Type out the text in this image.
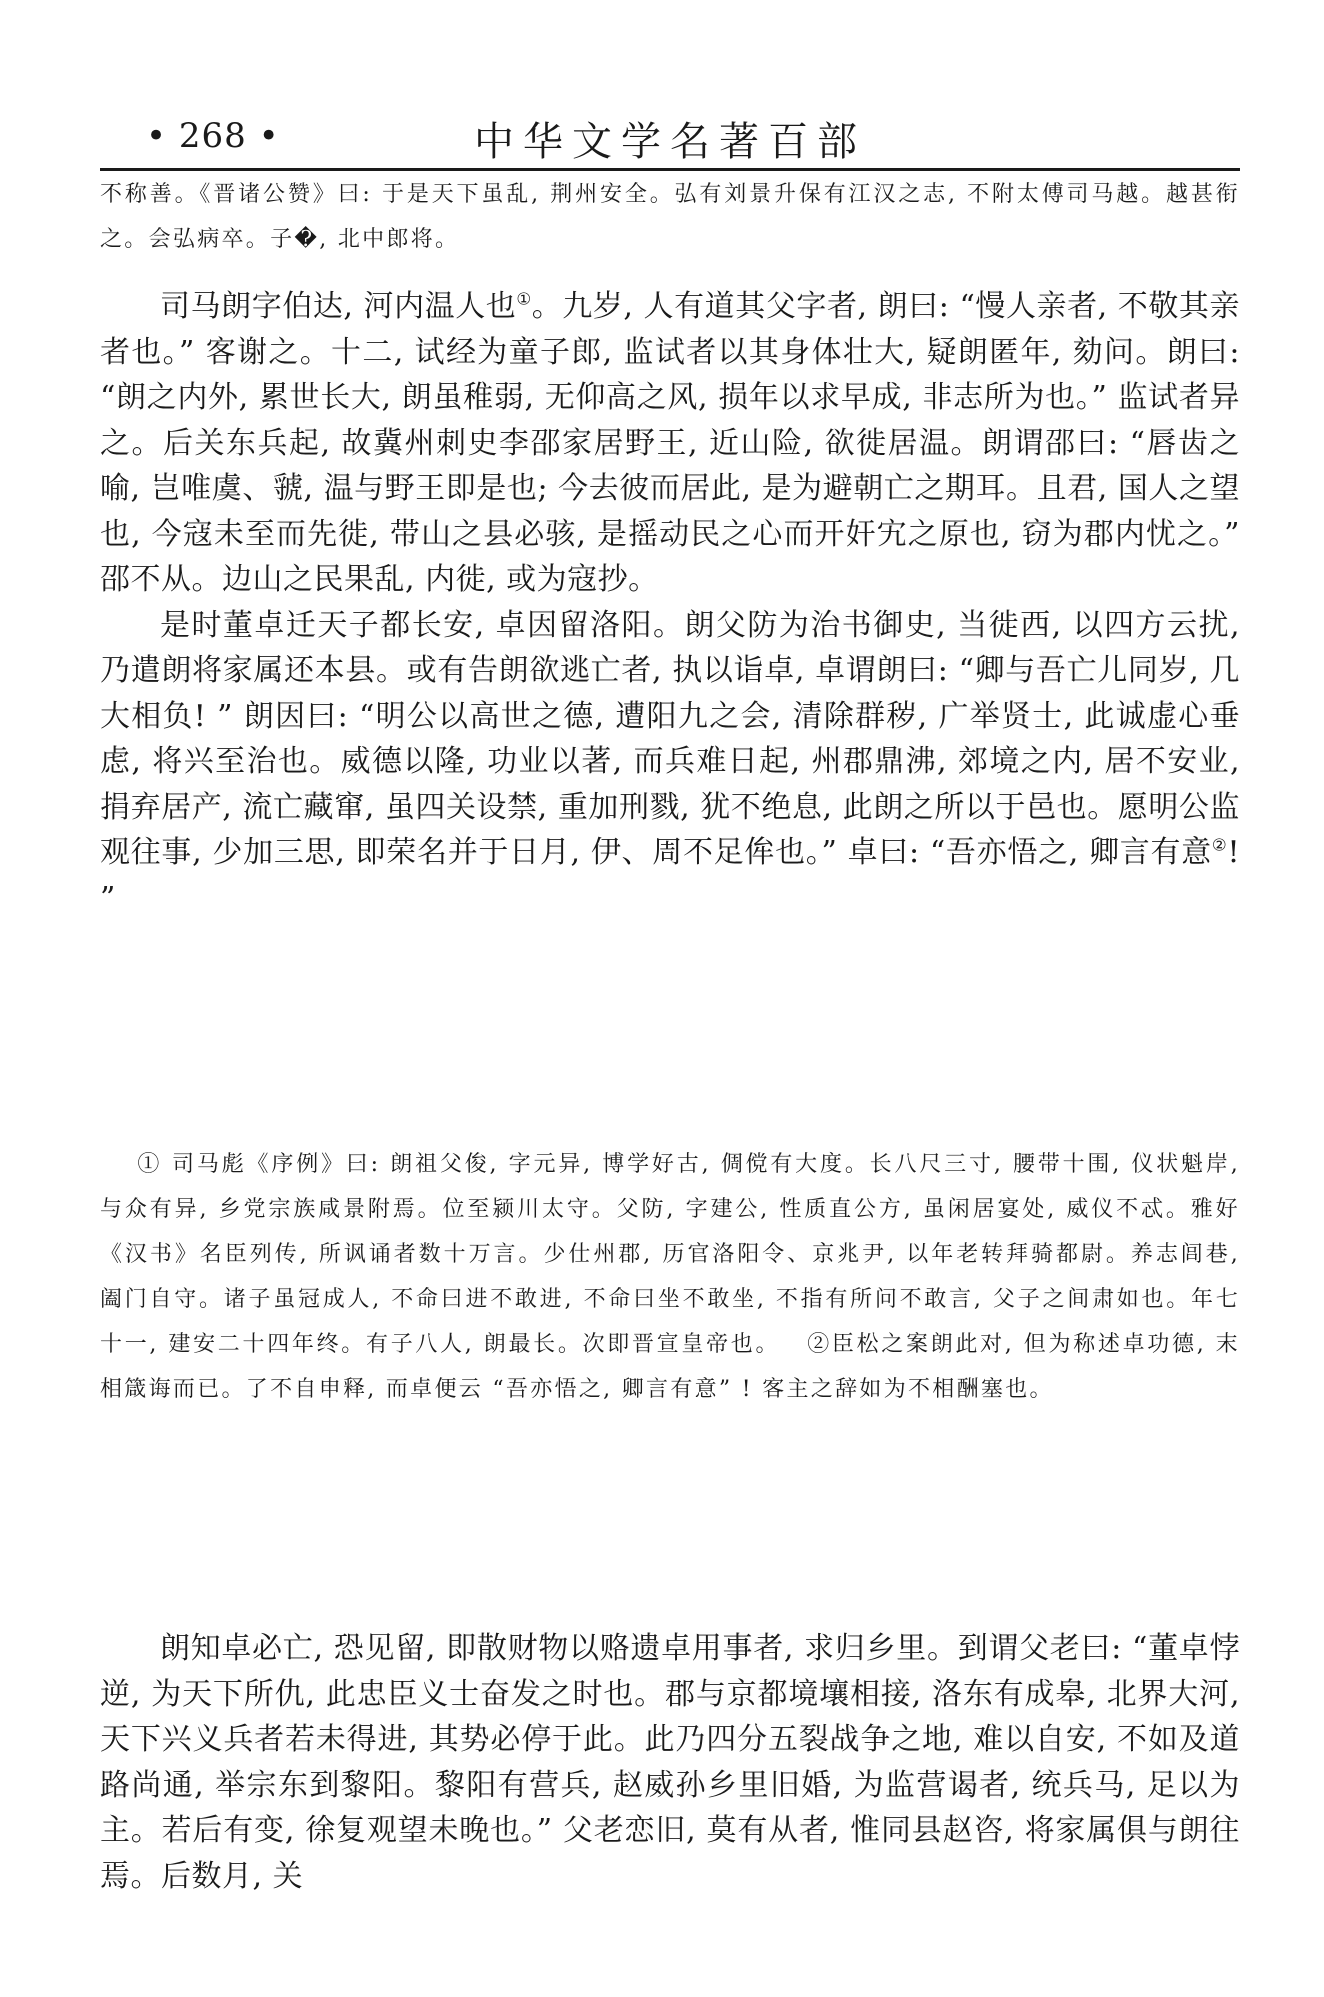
中华文学名著百部
• 268 •

不称善。《晋诸公赞》曰: 于是天下虽乱, 荆州安全。弘有刘景升保有江汉之志, 不附太傅司马越。越甚衔之。会弘病卒。子�, 北中郎将。

司马朗字伯达, 河内温人也①。九岁, 人有道其父字者, 朗曰: “慢人亲者, 不敬其亲者也。” 客谢之。十二, 试经为童子郎, 监试者以其身体壮大, 疑朗匿年, 劾问。朗曰: “朗之内外, 累世长大, 朗虽稚弱, 无仰高之风, 损年以求早成, 非志所为也。” 监试者异之。后关东兵起, 故冀州刺史李邵家居野王, 近山险, 欲徙居温。朗谓邵曰: “唇齿之喻, 岂唯虞、虢, 温与野王即是也; 今去彼而居此, 是为避朝亡之期耳。且君, 国人之望也, 今寇未至而先徙, 带山之县必骇, 是摇动民之心而开奸宄之原也, 窃为郡内忧之。” 邵不从。边山之民果乱, 内徙, 或为寇抄。

是时董卓迁天子都长安, 卓因留洛阳。朗父防为治书御史, 当徙西, 以四方云扰, 乃遣朗将家属还本县。或有告朗欲逃亡者, 执以诣卓, 卓谓朗曰: “卿与吾亡儿同岁, 几大相负! ” 朗因曰: “明公以高世之德, 遭阳九之会, 清除群秽, 广举贤士, 此诚虚心垂虑, 将兴至治也。威德以隆, 功业以著, 而兵难日起, 州郡鼎沸, 郊境之内, 居不安业, 捐弃居产, 流亡藏窜, 虽四关设禁, 重加刑戮, 犹不绝息, 此朗之所以于邑也。愿明公监观往事, 少加三思, 即荣名并于日月, 伊、周不足侔也。” 卓曰: “吾亦悟之, 卿言有意②! ”

① 司马彪《序例》曰: 朗祖父俊, 字元异, 博学好古, 倜傥有大度。长八尺三寸, 腰带十围, 仪状魁岸, 与众有异, 乡党宗族咸景附焉。位至颍川太守。父防, 字建公, 性质直公方, 虽闲居宴处, 威仪不忒。雅好《汉书》名臣列传, 所讽诵者数十万言。少仕州郡, 历官洛阳令、京兆尹, 以年老转拜骑都尉。养志闾巷, 阖门自守。诸子虽冠成人, 不命曰进不敢进, 不命曰坐不敢坐, 不指有所问不敢言, 父子之间肃如也。年七十一, 建安二十四年终。有子八人, 朗最长。次即晋宣皇帝也。   ②臣松之案朗此对, 但为称述卓功德, 末相箴诲而已。了不自申释, 而卓便云 “吾亦悟之, 卿言有意” ! 客主之辞如为不相酬塞也。

朗知卓必亡, 恐见留, 即散财物以赂遗卓用事者, 求归乡里。到谓父老曰: “董卓悖逆, 为天下所仇, 此忠臣义士奋发之时也。郡与京都境壤相接, 洛东有成皋, 北界大河, 天下兴义兵者若未得进, 其势必停于此。此乃四分五裂战争之地, 难以自安, 不如及道路尚通, 举宗东到黎阳。黎阳有营兵, 赵威孙乡里旧婚, 为监营谒者, 统兵马, 足以为主。若后有变, 徐复观望未晚也。” 父老恋旧, 莫有从者, 惟同县赵咨, 将家属俱与朗往焉。后数月, 关
